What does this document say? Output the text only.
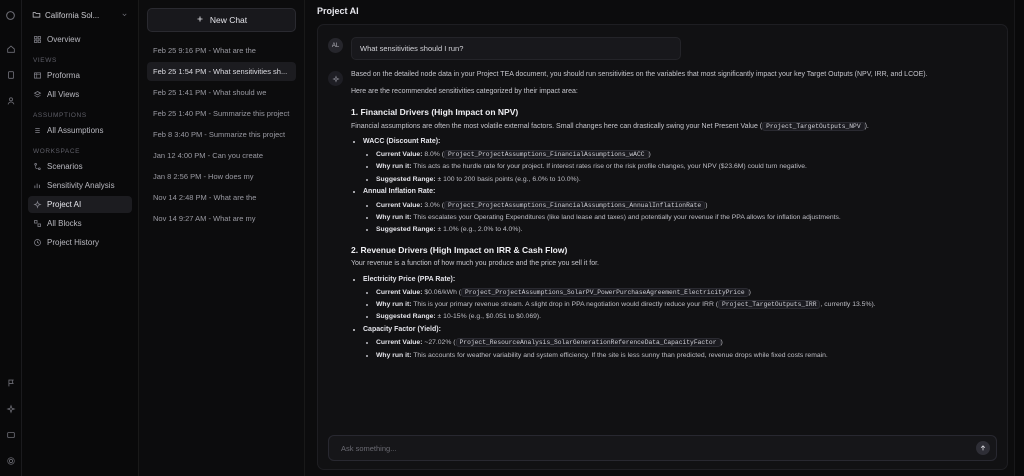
California Sol...
Overview
VIEWS
Proforma
All Views
ASSUMPTIONS
All Assumptions
WORKSPACE
Scenarios
Sensitivity Analysis
Project AI
All Blocks
Project History
New Chat
Feb 25 9:16 PM - What are the
Feb 25 1:54 PM - What sensitivities sh...
Feb 25 1:41 PM - What should we
Feb 25 1:40 PM - Summarize this project
Feb 8 3:40 PM - Summarize this project
Jan 12 4:00 PM - Can you create
Jan 8 2:56 PM - How does my
Nov 14 2:48 PM - What are the
Nov 14 9:27 AM - What are my
Project AI
AL	What sensitivities should I run?

Based on the detailed node data in your Project TEA document, you should run sensitivities on the variables that most significantly impact your key Target Outputs (NPV, IRR, and LCOE).

Here are the recommended sensitivities categorized by their impact area:

1. Financial Drivers (High Impact on NPV)
Financial assumptions are often the most volatile external factors. Small changes here can drastically swing your Net Present Value ( Project_TargetOutputs_NPV ).
• WACC (Discount Rate):
• Current Value: 8.0% ( Project_ProjectAssumptions_FinancialAssumptions_wACC )
• Why run it: This acts as the hurdle rate for your project. If interest rates rise or the risk profile changes, your NPV ($23.6M) could turn negative.
• Suggested Range: ± 100 to 200 basis points (e.g., 6.0% to 10.0%).
• Annual Inflation Rate:
• Current Value: 3.0% ( Project_ProjectAssumptions_FinancialAssumptions_AnnualInflationRate )
• Why run it: This escalates your Operating Expenditures (like land lease and taxes) and potentially your revenue if the PPA allows for inflation adjustments.
• Suggested Range: ± 1.0% (e.g., 2.0% to 4.0%).
2. Revenue Drivers (High Impact on IRR & Cash Flow)
Your revenue is a function of how much you produce and the price you sell it for.
• Electricity Price (PPA Rate):
• Current Value: $0.06/kWh ( Project_ProjectAssumptions_SolarPV_PowerPurchaseAgreement_ElectricityPrice )
• Why run it: This is your primary revenue stream. A slight drop in PPA negotiation would directly reduce your IRR ( Project_TargetOutputs_IRR , currently 13.5%).
• Suggested Range: ± 10-15% (e.g., $0.051 to $0.069).
• Capacity Factor (Yield):
• Current Value: ~27.02% ( Project_ResourceAnalysis_SolarGenerationReferenceData_CapacityFactor )
• Why run it: This accounts for weather variability and system efficiency. If the site is less sunny than predicted, revenue drops while fixed costs remain.
Ask something...
